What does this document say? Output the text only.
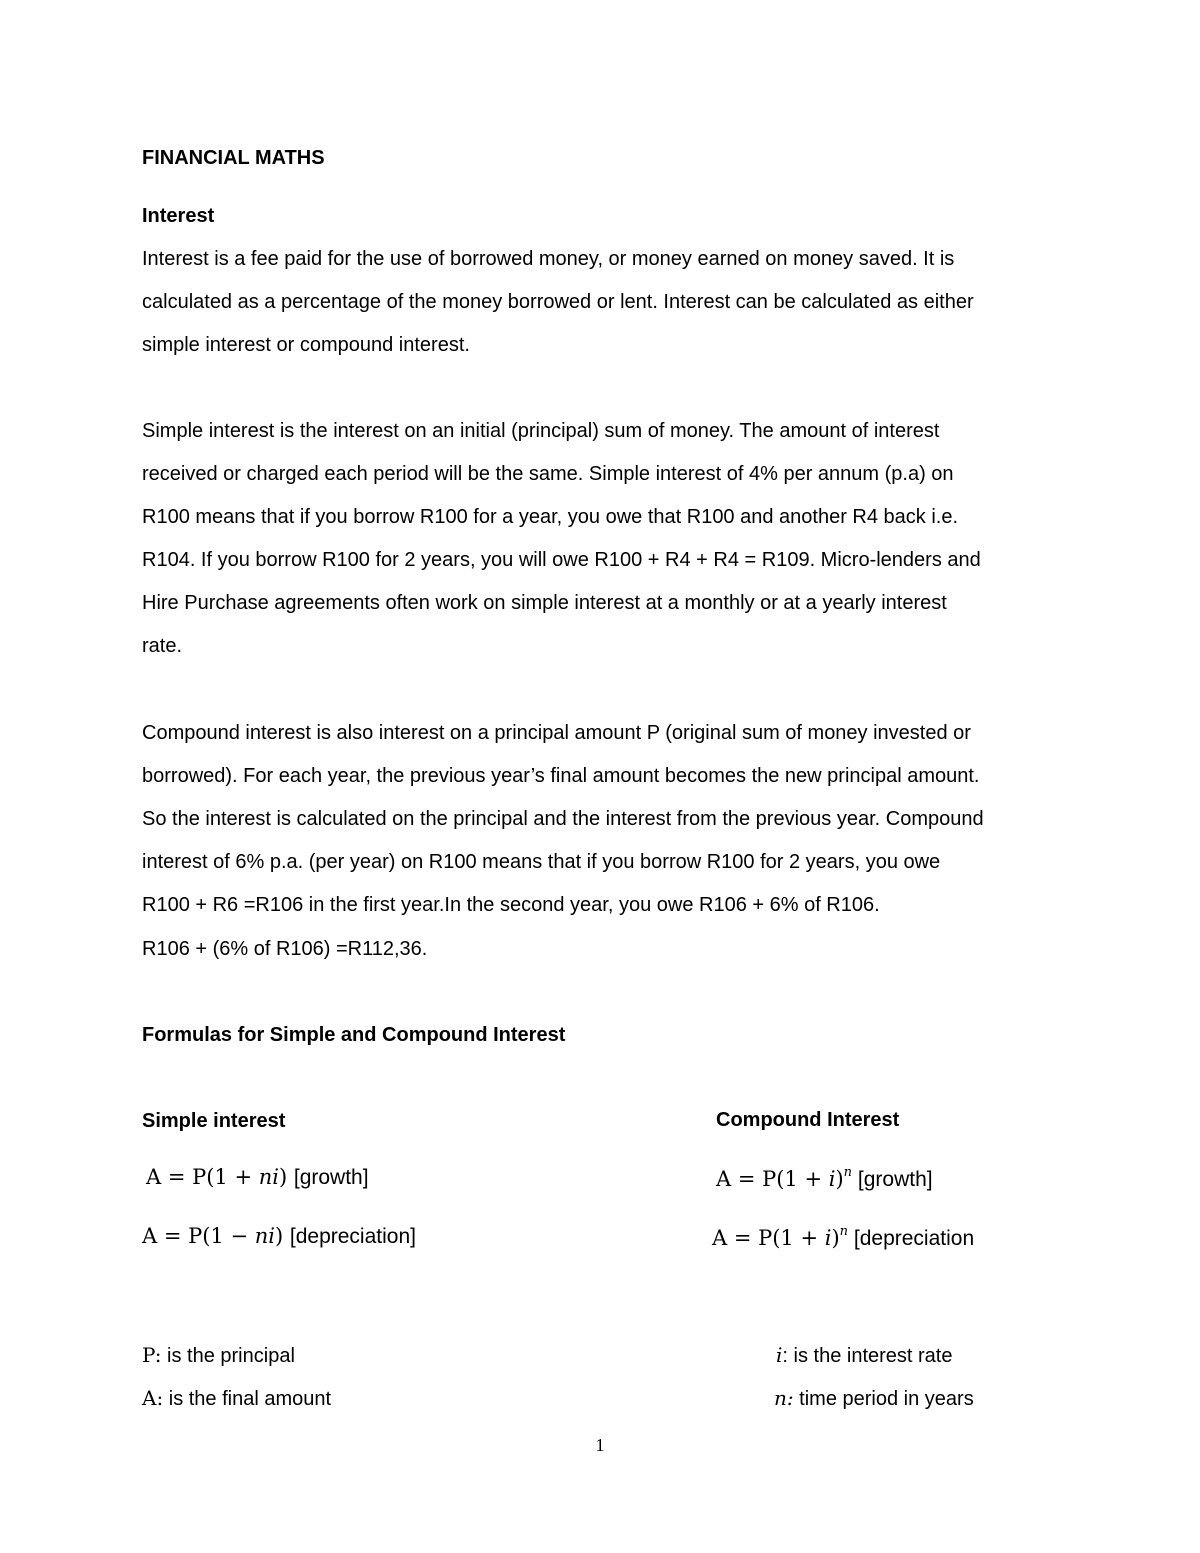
FINANCIAL MATHS
Interest
Interest is a fee paid for the use of borrowed money, or money earned on money saved. It is
calculated as a percentage of the money borrowed or lent. Interest can be calculated as either
simple interest or compound interest.
Simple interest is the interest on an initial (principal) sum of money. The amount of interest
received or charged each period will be the same. Simple interest of 4% per annum (p.a) on
R100 means that if you borrow R100 for a year, you owe that R100 and another R4 back i.e.
R104. If you borrow R100 for 2 years, you will owe R100 + R4 + R4 = R109. Micro-lenders and
Hire Purchase agreements often work on simple interest at a monthly or at a yearly interest
rate.
Compound interest is also interest on a principal amount P (original sum of money invested or
borrowed). For each year, the previous year’s final amount becomes the new principal amount.
So the interest is calculated on the principal and the interest from the previous year. Compound
interest of 6% p.a. (per year) on R100 means that if you borrow R100 for 2 years, you owe
R100 + R6 =R106 in the first year.In the second year, you owe R106 + 6% of R106.
R106 + (6% of R106) =R112,36.
Formulas for Simple and Compound Interest
Simple interest	Compound Interest
A = P(1 + ni) [growth]
A = P(1 − ni) [depreciation]
$A = P(1 + i)^n$ [growth]
$A = P(1 + i)^n$ [depreciation
P: is the principal
A: is the final amount
i: is the interest rate
n: time period in years
1
